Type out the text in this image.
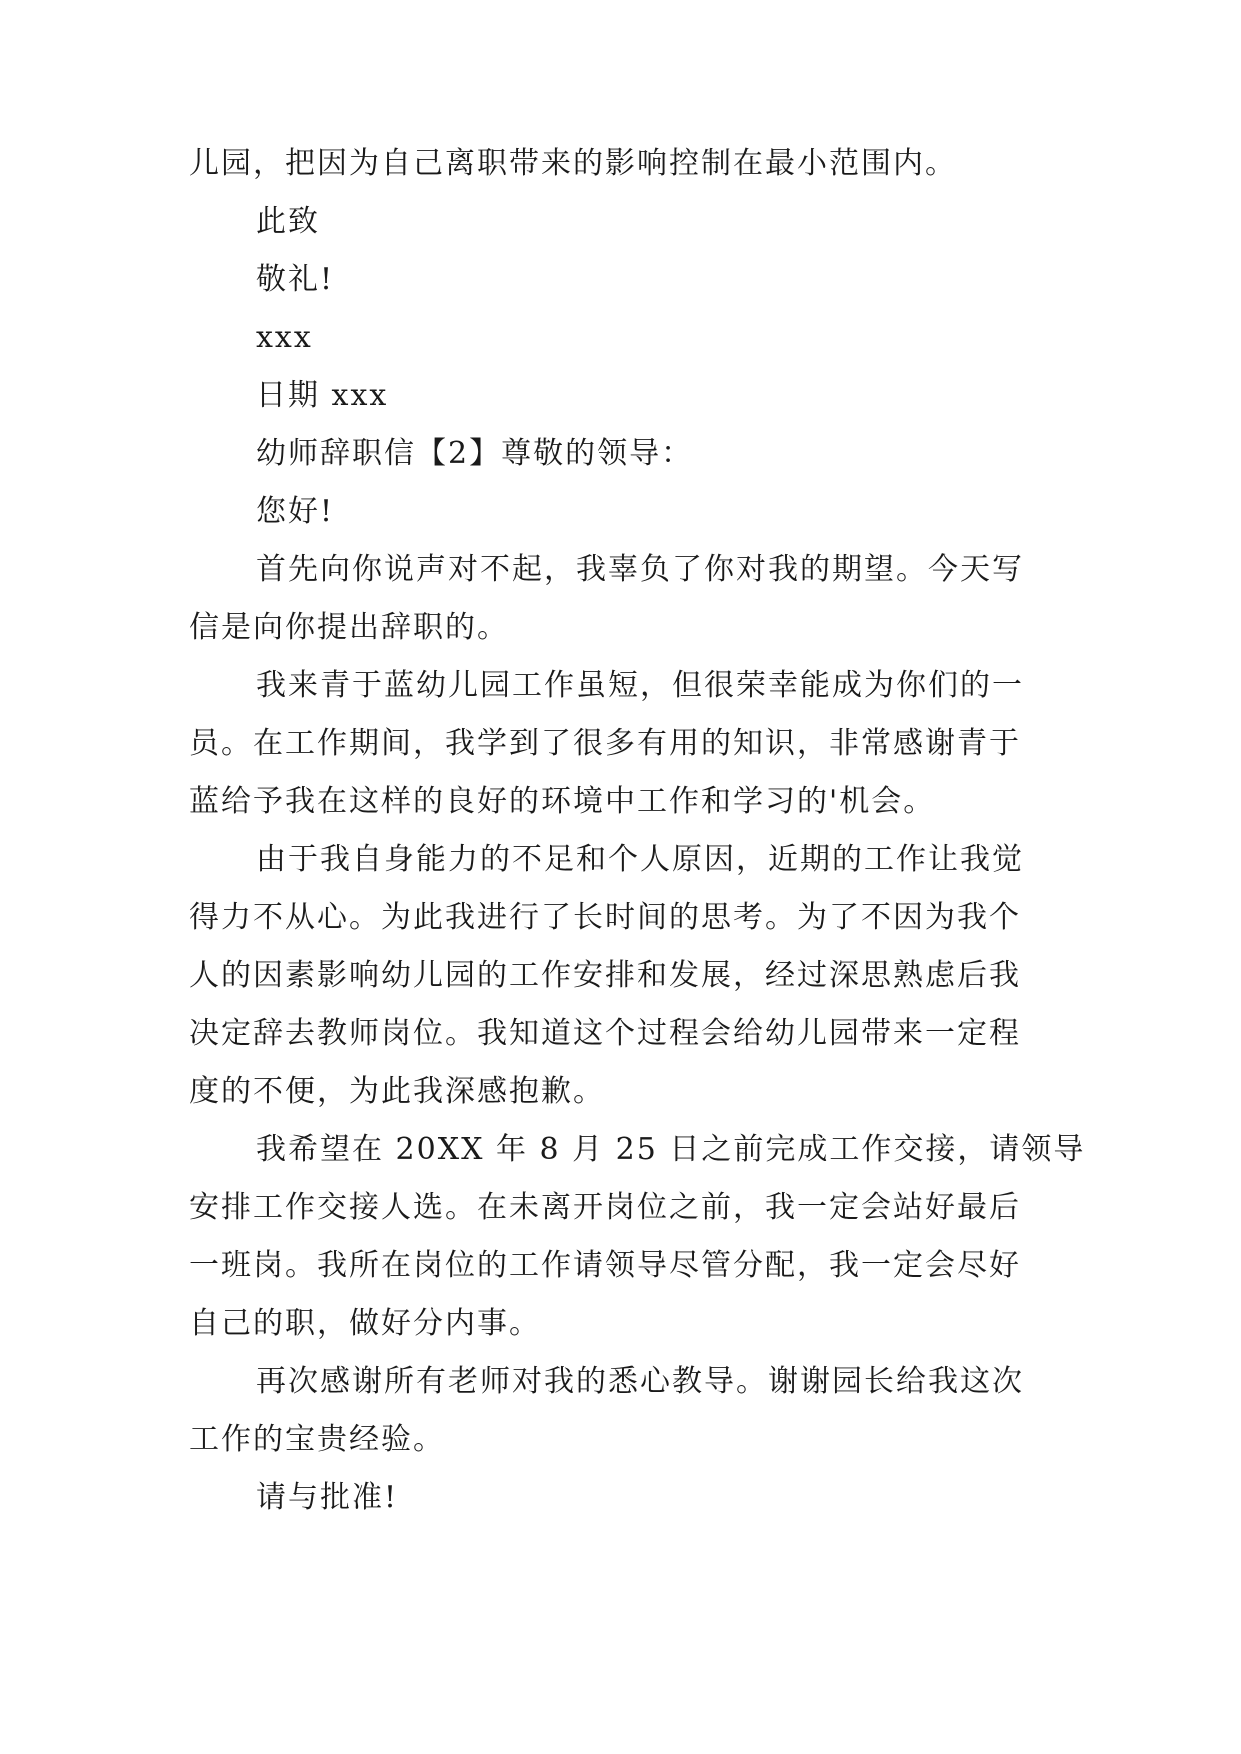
儿园，把因为自己离职带来的影响控制在最小范围内。
此致
敬礼!
xxx
日期 xxx
幼师辞职信【2】尊敬的领导：
您好!
首先向你说声对不起，我辜负了你对我的期望。今天写
信是向你提出辞职的。
我来青于蓝幼儿园工作虽短，但很荣幸能成为你们的一
员。在工作期间，我学到了很多有用的知识，非常感谢青于
蓝给予我在这样的良好的环境中工作和学习的'机会。
由于我自身能力的不足和个人原因，近期的工作让我觉
得力不从心。为此我进行了长时间的思考。为了不因为我个
人的因素影响幼儿园的工作安排和发展，经过深思熟虑后我
决定辞去教师岗位。我知道这个过程会给幼儿园带来一定程
度的不便，为此我深感抱歉。
我希望在 20XX 年 8 月 25 日之前完成工作交接，请领导
安排工作交接人选。在未离开岗位之前，我一定会站好最后
一班岗。我所在岗位的工作请领导尽管分配，我一定会尽好
自己的职，做好分内事。
再次感谢所有老师对我的悉心教导。谢谢园长给我这次
工作的宝贵经验。
请与批准!
